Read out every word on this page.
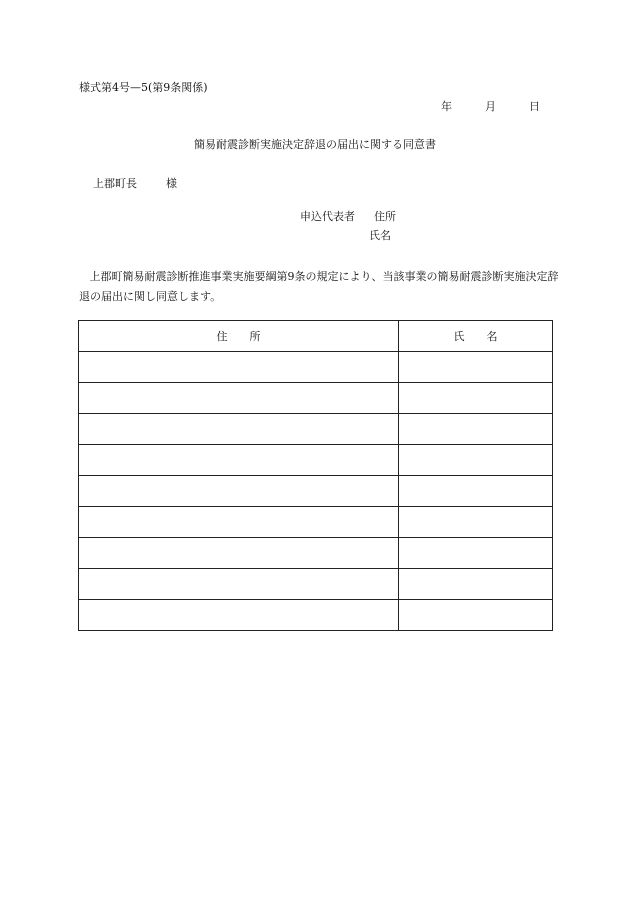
様式第4号—5(第9条関係)
年	月	日
簡易耐震診断実施決定辞退の届出に関する同意書
上郡町長	様
申込代表者 住所
氏名
上郡町簡易耐震診断推進事業実施要綱第9条の規定により、当該事業の簡易耐震診断実施決定辞退の届出に関し同意します。
住　　所	氏　　名
